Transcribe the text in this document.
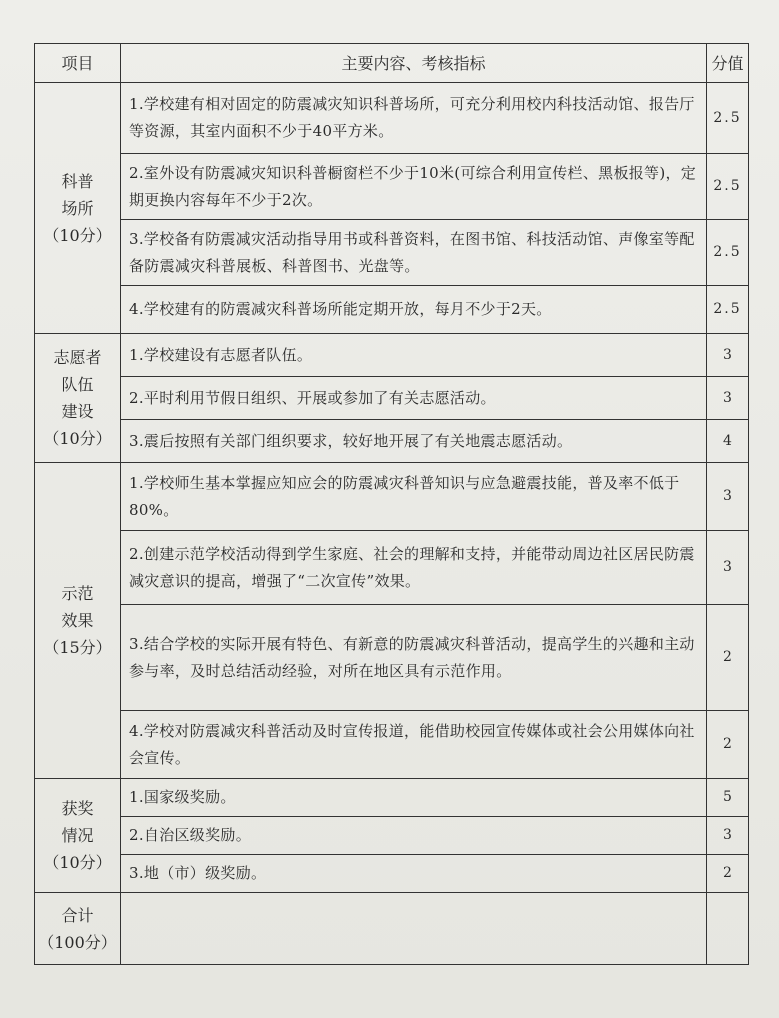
项目	主要内容、考核指标	分值

科普
场所
（10分）	1.学校建有相对固定的防震减灾知识科普场所，可充分利用校内科技活动馆、报告厅等资源，其室内面积不少于40平方米。	2.5
	2.室外设有防震减灾知识科普橱窗栏不少于10米(可综合利用宣传栏、黑板报等)，定期更换内容每年不少于2次。	2.5
	3.学校备有防震减灾活动指导用书或科普资料，在图书馆、科技活动馆、声像室等配备防震减灾科普展板、科普图书、光盘等。	2.5
	4.学校建有的防震减灾科普场所能定期开放，每月不少于2天。	2.5

志愿者
队伍
建设
（10分）	1.学校建设有志愿者队伍。	3
	2.平时利用节假日组织、开展或参加了有关志愿活动。	3
	3.震后按照有关部门组织要求，较好地开展了有关地震志愿活动。	4

示范
效果
（15分）	1.学校师生基本掌握应知应会的防震减灾科普知识与应急避震技能，普及率不低于80%。	3
	2.创建示范学校活动得到学生家庭、社会的理解和支持，并能带动周边社区居民防震减灾意识的提高，增强了“二次宣传”效果。	3
	3.结合学校的实际开展有特色、有新意的防震减灾科普活动，提高学生的兴趣和主动参与率，及时总结活动经验，对所在地区具有示范作用。	2
	4.学校对防震减灾科普活动及时宣传报道，能借助校园宣传媒体或社会公用媒体向社会宣传。	2

获奖
情况
（10分）	1.国家级奖励。	5
	2.自治区级奖励。	3
	3.地（市）级奖励。	2

合计
（100分）		
